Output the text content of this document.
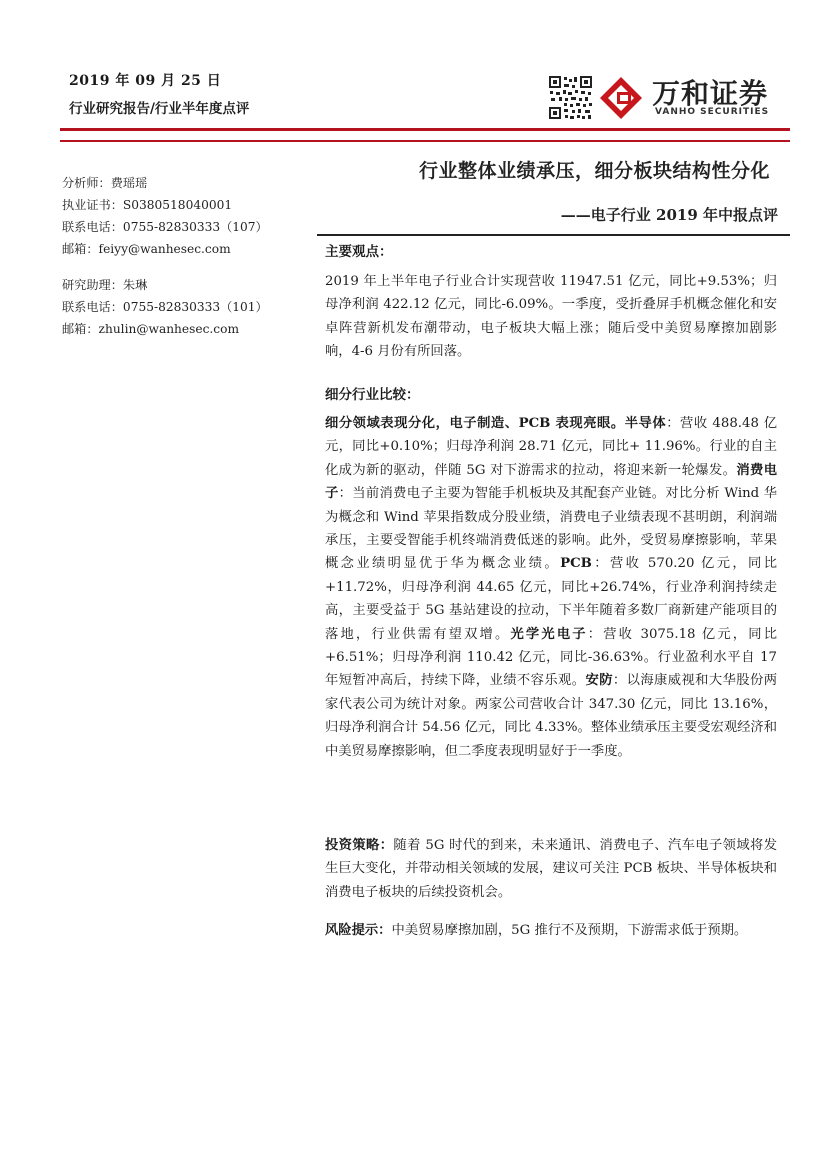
2019 年 09 月 25 日
行业研究报告/行业半年度点评	万和证券
VANHO SECURITIES
分析师：费瑶瑶
执业证书：S0380518040001
联系电话：0755-82830333（107）
邮箱：feiyy@wanhesec.com
研究助理：朱琳
联系电话：0755-82830333（101）
邮箱：zhulin@wanhesec.com
行业整体业绩承压，细分板块结构性分化
——电子行业 2019 年中报点评
主要观点：

2019 年上半年电子行业合计实现营收 11947.51 亿元，同比+9.53%；归母净利润 422.12 亿元，同比-6.09%。一季度，受折叠屏手机概念催化和安卓阵营新机发布潮带动，电子板块大幅上涨；随后受中美贸易摩擦加剧影响，4-6 月份有所回落。

细分行业比较：

细分领域表现分化，电子制造、PCB 表现亮眼。半导体：营收 488.48 亿元，同比+0.10%；归母净利润 28.71 亿元，同比+ 11.96%。行业的自主化成为新的驱动，伴随 5G 对下游需求的拉动，将迎来新一轮爆发。消费电子：当前消费电子主要为智能手机板块及其配套产业链。对比分析 Wind 华为概念和 Wind 苹果指数成分股业绩，消费电子业绩表现不甚明朗，利润端承压，主要受智能手机终端消费低迷的影响。此外，受贸易摩擦影响，苹果概念业绩明显优于华为概念业绩。PCB：营收 570.20 亿元，同比+11.72%，归母净利润 44.65 亿元，同比+26.74%，行业净利润持续走高，主要受益于 5G 基站建设的拉动，下半年随着多数厂商新建产能项目的落地，行业供需有望双增。光学光电子：营收 3075.18 亿元，同比+6.51%；归母净利润 110.42 亿元，同比-36.63%。行业盈利水平自 17 年短暂冲高后，持续下降，业绩不容乐观。安防：以海康威视和大华股份两家代表公司为统计对象。两家公司营收合计 347.30 亿元，同比 13.16%，归母净利润合计 54.56 亿元，同比 4.33%。整体业绩承压主要受宏观经济和中美贸易摩擦影响，但二季度表现明显好于一季度。

投资策略：随着 5G 时代的到来，未来通讯、消费电子、汽车电子领域将发生巨大变化，并带动相关领域的发展，建议可关注 PCB 板块、半导体板块和消费电子板块的后续投资机会。

风险提示：中美贸易摩擦加剧，5G 推行不及预期，下游需求低于预期。
